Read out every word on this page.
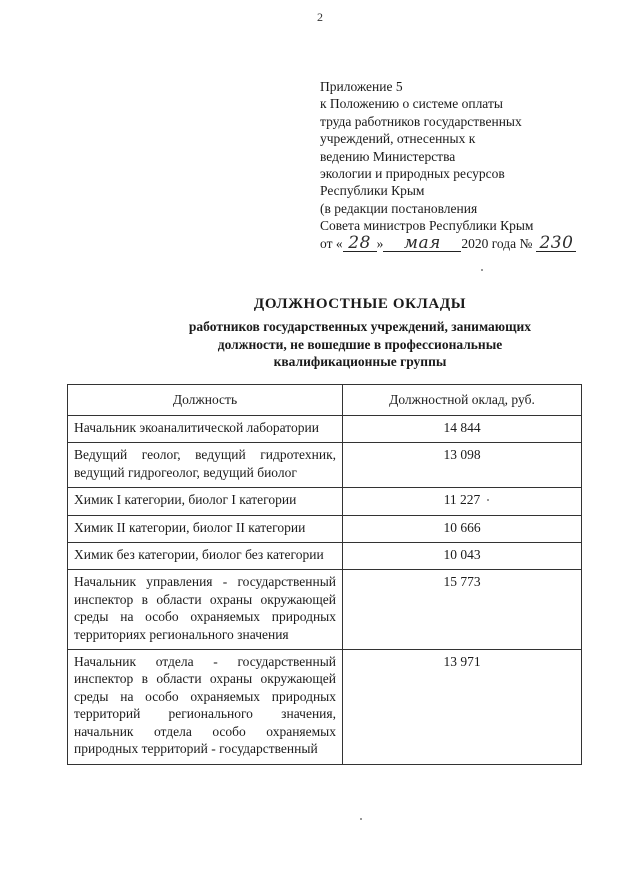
2
Приложение 5
к Положению о системе оплаты
труда работников государственных
учреждений, отнесенных к
ведению Министерства
экологии и природных ресурсов
Республики Крым
(в редакции постановления
Совета министров Республики Крым
от « 28 »	мая	2020 года № 230
ДОЛЖНОСТНЫЕ ОКЛАДЫ
работников государственных учреждений, занимающих
должности, не вошедшие в профессиональные
квалификационные группы
Должность	Должностной оклад, руб.
Начальник экоаналитической лаборатории	14 844
Ведущий геолог, ведущий гидротехник, ведущий гидрогеолог, ведущий биолог	13 098
Химик I категории, биолог I категории	11 227
Химик II категории, биолог II категории	10 666
Химик без категории, биолог без категории	10 043
Начальник управления - государственный инспектор в области охраны окружающей среды на особо охраняемых природных территориях регионального значения	15 773
Начальник отдела - государственный инспектор в области охраны окружающей среды на особо охраняемых природных территорий регионального значения, начальник отдела особо охраняемых природных территорий - государственный	13 971
